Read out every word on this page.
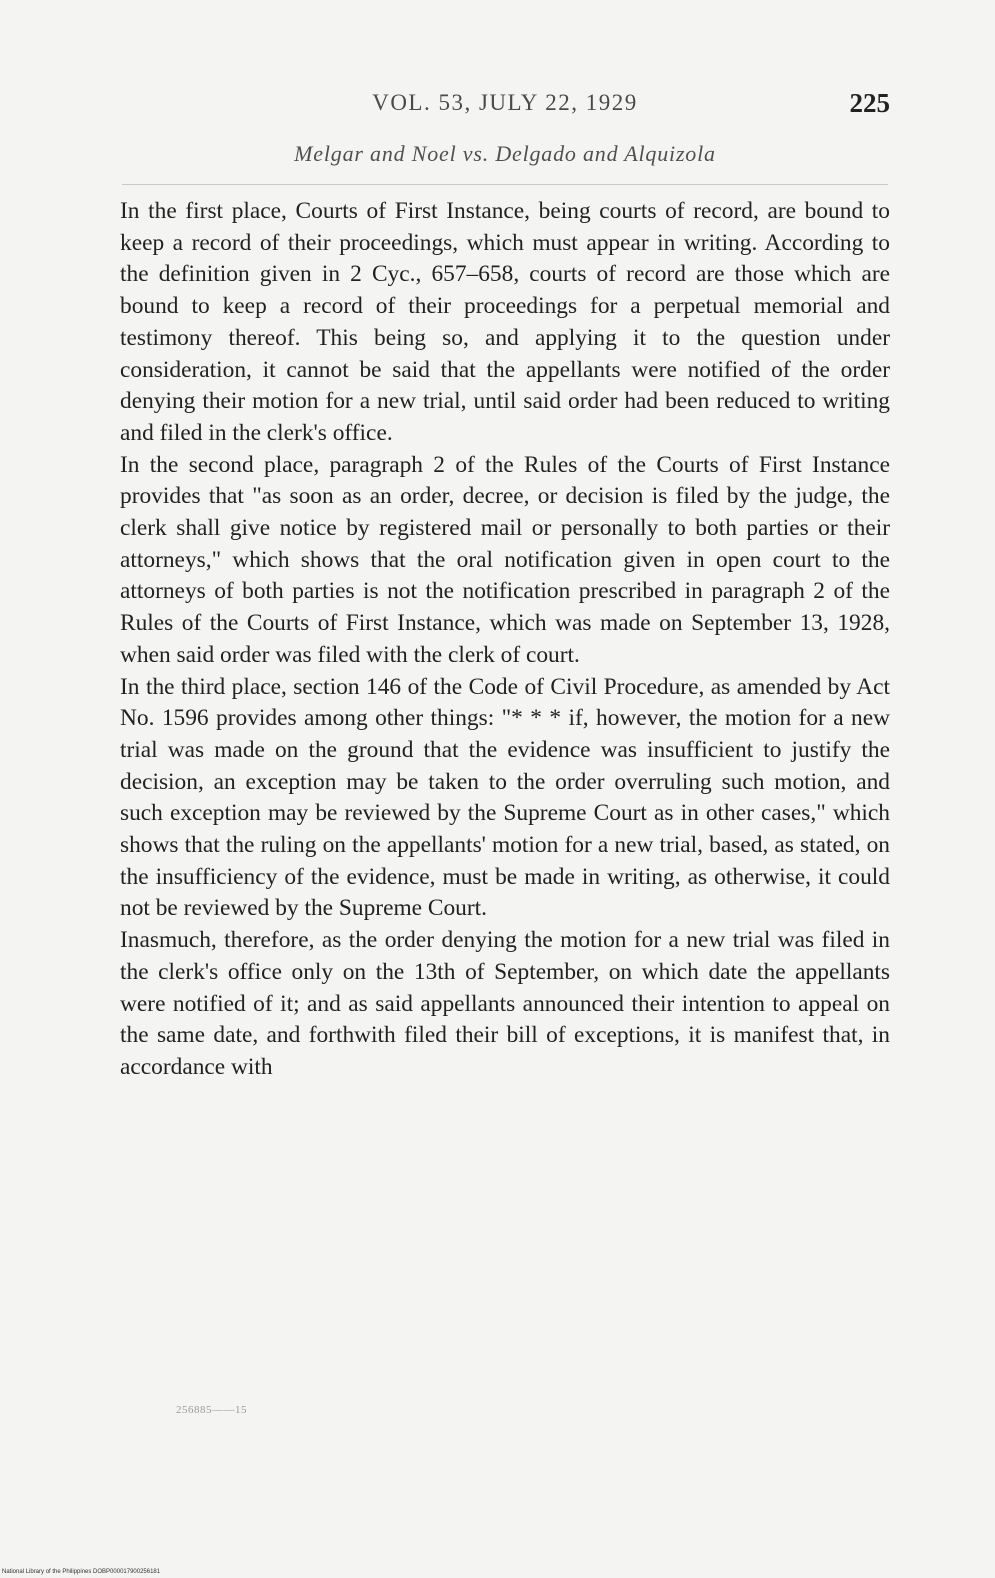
VOL. 53, JULY 22, 1929	225
Melgar and Noel vs. Delgado and Alquizola

In the first place, Courts of First Instance, being courts of record, are bound to keep a record of their proceedings, which must appear in writing. According to the definition given in 2 Cyc., 657–658, courts of record are those which are bound to keep a record of their proceedings for a perpetual memorial and testimony thereof. This being so, and applying it to the question under consideration, it cannot be said that the appellants were notified of the order denying their motion for a new trial, until said order had been reduced to writing and filed in the clerk's office.

In the second place, paragraph 2 of the Rules of the Courts of First Instance provides that "as soon as an order, decree, or decision is filed by the judge, the clerk shall give notice by registered mail or personally to both parties or their attorneys," which shows that the oral notification given in open court to the attorneys of both parties is not the notification prescribed in paragraph 2 of the Rules of the Courts of First Instance, which was made on September 13, 1928, when said order was filed with the clerk of court.

In the third place, section 146 of the Code of Civil Procedure, as amended by Act No. 1596 provides among other things: "* * * if, however, the motion for a new trial was made on the ground that the evidence was insufficient to justify the decision, an exception may be taken to the order overruling such motion, and such exception may be reviewed by the Supreme Court as in other cases," which shows that the ruling on the appellants' motion for a new trial, based, as stated, on the insufficiency of the evidence, must be made in writing, as otherwise, it could not be reviewed by the Supreme Court.

Inasmuch, therefore, as the order denying the motion for a new trial was filed in the clerk's office only on the 13th of September, on which date the appellants were notified of it; and as said appellants announced their intention to appeal on the same date, and forthwith filed their bill of exceptions, it is manifest that, in accordance with

256885——15
National Library of the Philippines DOBP000017900256181
